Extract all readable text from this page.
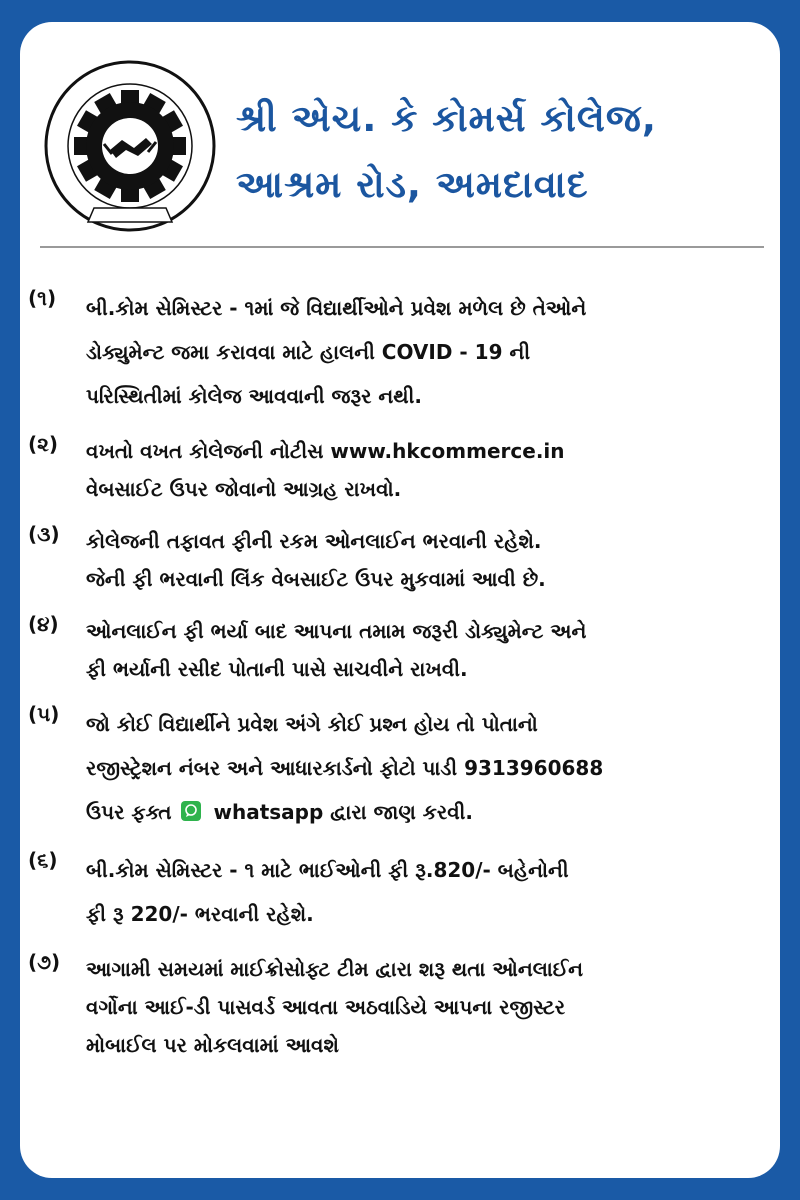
શ્રી એચ. કે કોમર્સ કોલેજ,
આશ્રમ રોડ, અમદાવાદ
(૧) બી.કોમ સેમિસ્ટર - ૧માં જે વિદ્યાર્થીઓને પ્રવેશ મળેલ છે તેઓને
ડોક્યુમેન્ટ જમા કરાવવા માટે હાલની COVID - 19 ની
પરિસ્થિતીમાં કોલેજ આવવાની જરૂર નથી.
(૨) વખતો વખત કોલેજની નોટીસ www.hkcommerce.in
વેબસાઈટ ઉપર જોવાનો આગ્રહ રાખવો.
(૩) કોલેજની તફાવત ફીની રકમ ઓનલાઈન ભરવાની રહેશે.
જેની ફી ભરવાની લિંક વેબસાઈટ ઉપર મુકવામાં આવી છે.
(૪) ઓનલાઈન ફી ભર્યા બાદ આપના તમામ જરૂરી ડોક્યુમેન્ટ અને
ફી ભર્યાની રસીદ પોતાની પાસે સાચવીને રાખવી.
(૫) જો કોઈ વિદ્યાર્થીને પ્રવેશ અંગે કોઈ પ્રશ્ન હોય તો પોતાનો
રજીસ્ટ્રેશન નંબર અને આધારકાર્ડનો ફોટો પાડી 9313960688
ઉપર ફક્ત whatsapp દ્વારા જાણ કરવી.
(૬) બી.કોમ સેમિસ્ટર - ૧ માટે ભાઈઓની ફી રૂ.820/- બહેનોની
ફી રૂ 220/- ભરવાની રહેશે.
(૭) આગામી સમયમાં માઈક્રોસોફ્ટ ટીમ દ્વારા શરૂ થતા ઓનલાઈન
વર્ગોના આઈ-ડી પાસવર્ડ આવતા અઠવાડિયે આપના રજીસ્ટર
મોબાઈલ પર મોકલવામાં આવશે
